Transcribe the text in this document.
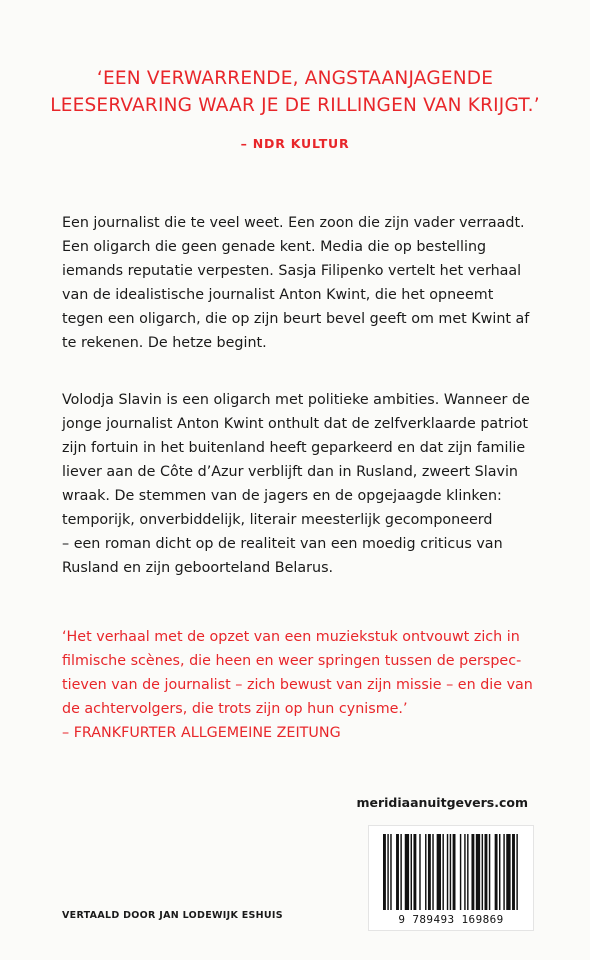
‘EEN VERWARRENDE, ANGSTAANJAGENDE
LEESERVARING WAAR JE DE RILLINGEN VAN KRIJGT.’
– NDR KULTUR
Een journalist die te veel weet. Een zoon die zijn vader verraadt.
Een oligarch die geen genade kent. Media die op bestelling
iemands reputatie verpesten. Sasja Filipenko vertelt het verhaal
van de idealistische journalist Anton Kwint, die het opneemt
tegen een oligarch, die op zijn beurt bevel geeft om met Kwint af
te rekenen. De hetze begint.
Volodja Slavin is een oligarch met politieke ambities. Wanneer de
jonge journalist Anton Kwint onthult dat de zelfverklaarde patriot
zijn fortuin in het buitenland heeft geparkeerd en dat zijn familie
liever aan de Côte d’Azur verblijft dan in Rusland, zweert Slavin
wraak. De stemmen van de jagers en de opgejaagde klinken:
temporijk, onverbiddelijk, literair meesterlijk gecomponeerd
– een roman dicht op de realiteit van een moedig criticus van
Rusland en zijn geboorteland Belarus.
‘Het verhaal met de opzet van een muziekstuk ontvouwt zich in
filmische scènes, die heen en weer springen tussen de perspec-
tieven van de journalist – zich bewust van zijn missie – en die van
de achtervolgers, die trots zijn op hun cynisme.’
– FRANKFURTER ALLGEMEINE ZEITUNG
meridiaanuitgevers.com
VERTAALD DOOR JAN LODEWIJK ESHUIS	9 789493 169869
